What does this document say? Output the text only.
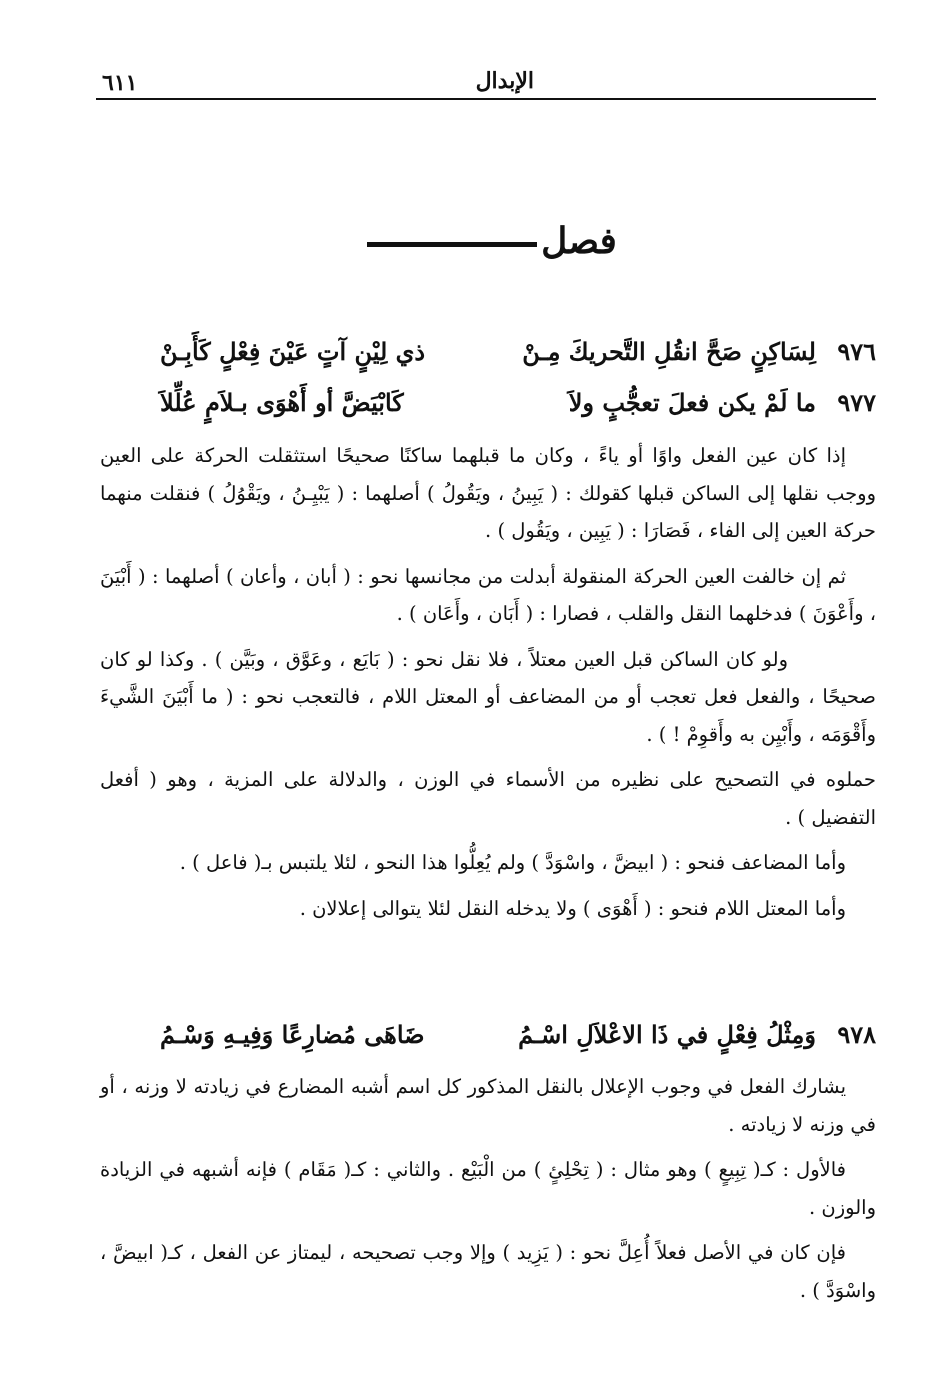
٦١١	الإبدال
فصل
٩٧٦
لِسَاكِنٍ صَحَّ انقُلِ التَّحريكَ مِـنْ
ذي لِيْنٍ آتٍ عَيْنَ فِعْلٍ كَأَبِـنْ
٩٧٧
ما لَمْ يكن فعلَ تعجُّبٍ ولاَ
كَابْيَضَّ أو أَهْوَى بـلاَمٍ عُلِّلاَ

إذا كان عين الفعل واوًا أو ياءً ، وكان ما قبلهما ساكنًا صحيحًا استثقلت الحركة على العين ووجب نقلها إلى الساكن قبلها كقولك : ( يَبِينُ ، ويَقُولُ ) أصلهما : ( يَبْيِـنُ ، ويَقْوُلُ ) فنقلت منهما حركة العين إلى الفاء ، فَصَارَا : ( يَبِين ، ويَقُول ) .

ثم إن خالفت العين الحركة المنقولة أبدلت من مجانسها نحو : ( أبان ، وأعان ) أصلهما : ( أَبْيَنَ ، وأَعْوَنَ ) فدخلهما النقل والقلب ، فصارا : ( أَبَان ، وأَعَان ) .

ولو كان الساكن قبل العين معتلاً ، فلا نقل نحو : ( بَايَع ، وعَوَّق ، وبَيَّن ) . وكذا لو كان صحيحًا ، والفعل فعل تعجب أو من المضاعف أو المعتل اللام ، فالتعجب نحو : ( ما أَبْيَنَ الشَّيءَ وأَقْوَمَه ، وأَبْيِن به وأَقوِمْ ! ) .

حملوه في التصحيح على نظيره من الأسماء في الوزن ، والدلالة على المزية ، وهو ( أفعل التفضيل ) .

وأما المضاعف فنحو : ( ابيضَّ ، واسْوَدَّ ) ولم يُعِلُّوا هذا النحو ، لئلا يلتبس بـ( فاعل ) .

وأما المعتل اللام فنحو : ( أَهْوَى ) ولا يدخله النقل لئلا يتوالى إعلالان .

٩٧٨
وَمِثْلُ فِعْلٍ في ذَا الاعْلاَلِ اسْـمُ
ضَاهَى مُضارِعًا وَفِيـهِ وَسْـمُ

يشارك الفعل في وجوب الإعلال بالنقل المذكور كل اسم أشبه المضارع في زيادته لا وزنه ، أو في وزنه لا زيادته .

فالأول : كـ( تِبِيعٍ ) وهو مثال : ( تِحْلِئٍ ) من الْبَيْع . والثاني : كـ( مَقَام ) فإنه أشبهه في الزيادة والوزن .

فإن كان في الأصل فعلاً أُعِلَّ نحو : ( يَزِيد ) وإلا وجب تصحيحه ، ليمتاز عن الفعل ، كـ( ابيضَّ ، واسْوَدَّ ) .
